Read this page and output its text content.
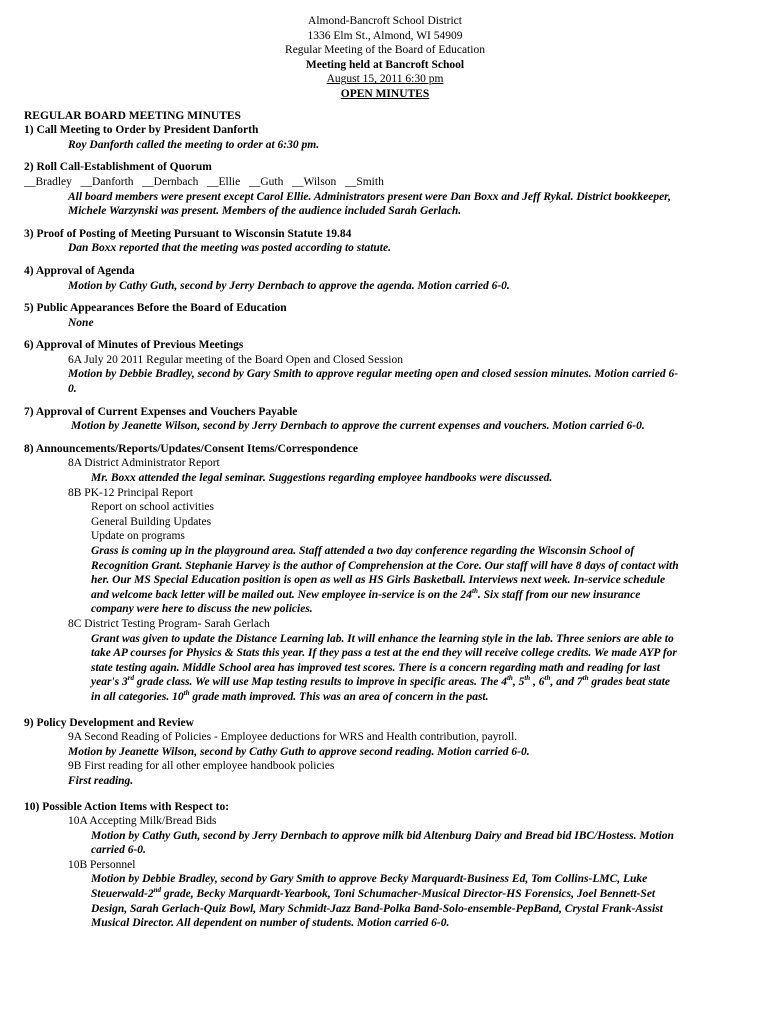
Almond-Bancroft School District
1336 Elm St., Almond, WI 54909
Regular Meeting of the Board of Education
Meeting held at Bancroft School
August 15, 2011 6:30 pm
OPEN MINUTES
REGULAR BOARD MEETING MINUTES
1) Call Meeting to Order by President Danforth
Roy Danforth called the meeting to order at 6:30 pm.
2) Roll Call-Establishment of Quorum
__Bradley   __Danforth   __Dernbach   __Ellie   __Guth   __Wilson   __Smith
All board members were present except Carol Ellie. Administrators present were Dan Boxx and Jeff Rykal. District bookkeeper,
Michele Warzynski was present. Members of the audience included Sarah Gerlach.
3) Proof of Posting of Meeting Pursuant to Wisconsin Statute 19.84
Dan Boxx reported that the meeting was posted according to statute.
4) Approval of Agenda
Motion by Cathy Guth, second by Jerry Dernbach to approve the agenda. Motion carried 6-0.
5) Public Appearances Before the Board of Education
None
6) Approval of Minutes of Previous Meetings
6A July 20 2011 Regular meeting of the Board Open and Closed Session
Motion by Debbie Bradley, second by Gary Smith to approve regular meeting open and closed session minutes. Motion carried 6-
0.
7) Approval of Current Expenses and Vouchers Payable
Motion by Jeanette Wilson, second by Jerry Dernbach to approve the current expenses and vouchers. Motion carried 6-0.
8) Announcements/Reports/Updates/Consent Items/Correspondence
8A District Administrator Report
Mr. Boxx attended the legal seminar. Suggestions regarding employee handbooks were discussed.
8B PK-12 Principal Report
Report on school activities
General Building Updates
Update on programs
Grass is coming up in the playground area. Staff attended a two day conference regarding the Wisconsin School of
Recognition Grant. Stephanie Harvey is the author of Comprehension at the Core. Our staff will have 8 days of contact with
her. Our MS Special Education position is open as well as HS Girls Basketball. Interviews next week. In-service schedule
and welcome back letter will be mailed out. New employee in-service is on the 24th. Six staff from our new insurance
company were here to discuss the new policies.
8C District Testing Program- Sarah Gerlach
Grant was given to update the Distance Learning lab. It will enhance the learning style in the lab. Three seniors are able to
take AP courses for Physics & Stats this year. If they pass a test at the end they will receive college credits. We made AYP for
state testing again. Middle School area has improved test scores. There is a concern regarding math and reading for last
year's 3rd grade class. We will use Map testing results to improve in specific areas. The 4th, 5th , 6th, and 7th grades beat state
in all categories. 10th grade math improved. This was an area of concern in the past.
9) Policy Development and Review
9A Second Reading of Policies - Employee deductions for WRS and Health contribution, payroll.
Motion by Jeanette Wilson, second by Cathy Guth to approve second reading. Motion carried 6-0.
9B First reading for all other employee handbook policies
First reading.
10) Possible Action Items with Respect to:
10A Accepting Milk/Bread Bids
Motion by Cathy Guth, second by Jerry Dernbach to approve milk bid Altenburg Dairy and Bread bid IBC/Hostess. Motion
carried 6-0.
10B Personnel
Motion by Debbie Bradley, second by Gary Smith to approve Becky Marquardt-Business Ed, Tom Collins-LMC, Luke
Steuerwald-2nd grade, Becky Marquardt-Yearbook, Toni Schumacher-Musical Director-HS Forensics, Joel Bennett-Set
Design, Sarah Gerlach-Quiz Bowl, Mary Schmidt-Jazz Band-Polka Band-Solo-ensemble-PepBand, Crystal Frank-Assist
Musical Director. All dependent on number of students. Motion carried 6-0.
